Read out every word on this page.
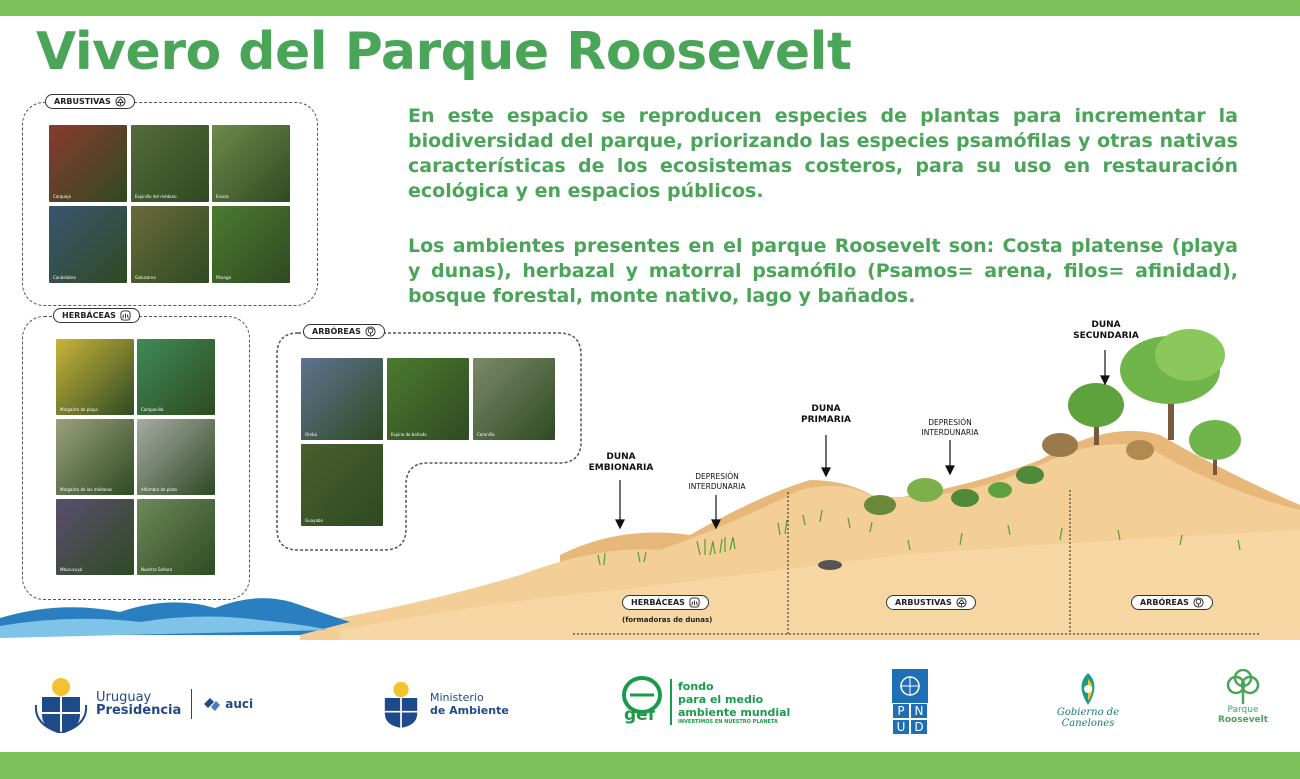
Vivero del Parque Roosevelt

En este espacio se reproducen especies de plantas para incrementar la biodiversidad del parque, priorizando las especies psamófilas y otras nativas características de los ecosistemas costeros, para su uso en restauración ecológica y en espacios públicos.

Los ambientes presentes en el parque Roosevelt son: Costa platense (playa y dunas), herbazal y matorral psamófilo (Psamos= arena, filos= afinidad), bosque forestal, monte nativo, lago y bañados.

ARBUSTIVAS
Carqueja	Espinillo del médano	Envira
Candelabro	Gatuzarna	Pitanga
HERBÁCEAS
Margarita de playa	Campanilla
Margarita de los médanos	Alfombra de plata
Mburucuyá	Nuestra Señora
ARBÓREAS
Ombú	Espina de bañado	Coronilla
Guayabo
DUNA
EMBIONARIA
DEPRESIÓN
INTERDUNARIA
DUNA
PRIMARIA	DEPRESIÓN
INTERDUNARIA
DUNA
SECUNDARIA
HERBÁCEAS
(formadoras de dunas)
ARBUSTIVAS	ARBÓREAS
Uruguay
Presidencia	auci	Ministerio
de Ambiente	gef
fondo
para el medio
ambiente mundial
INVERTIMOS EN NUESTRO PLANETA
P N
U D
Gobierno de
Canelones
Parque
Roosevelt
